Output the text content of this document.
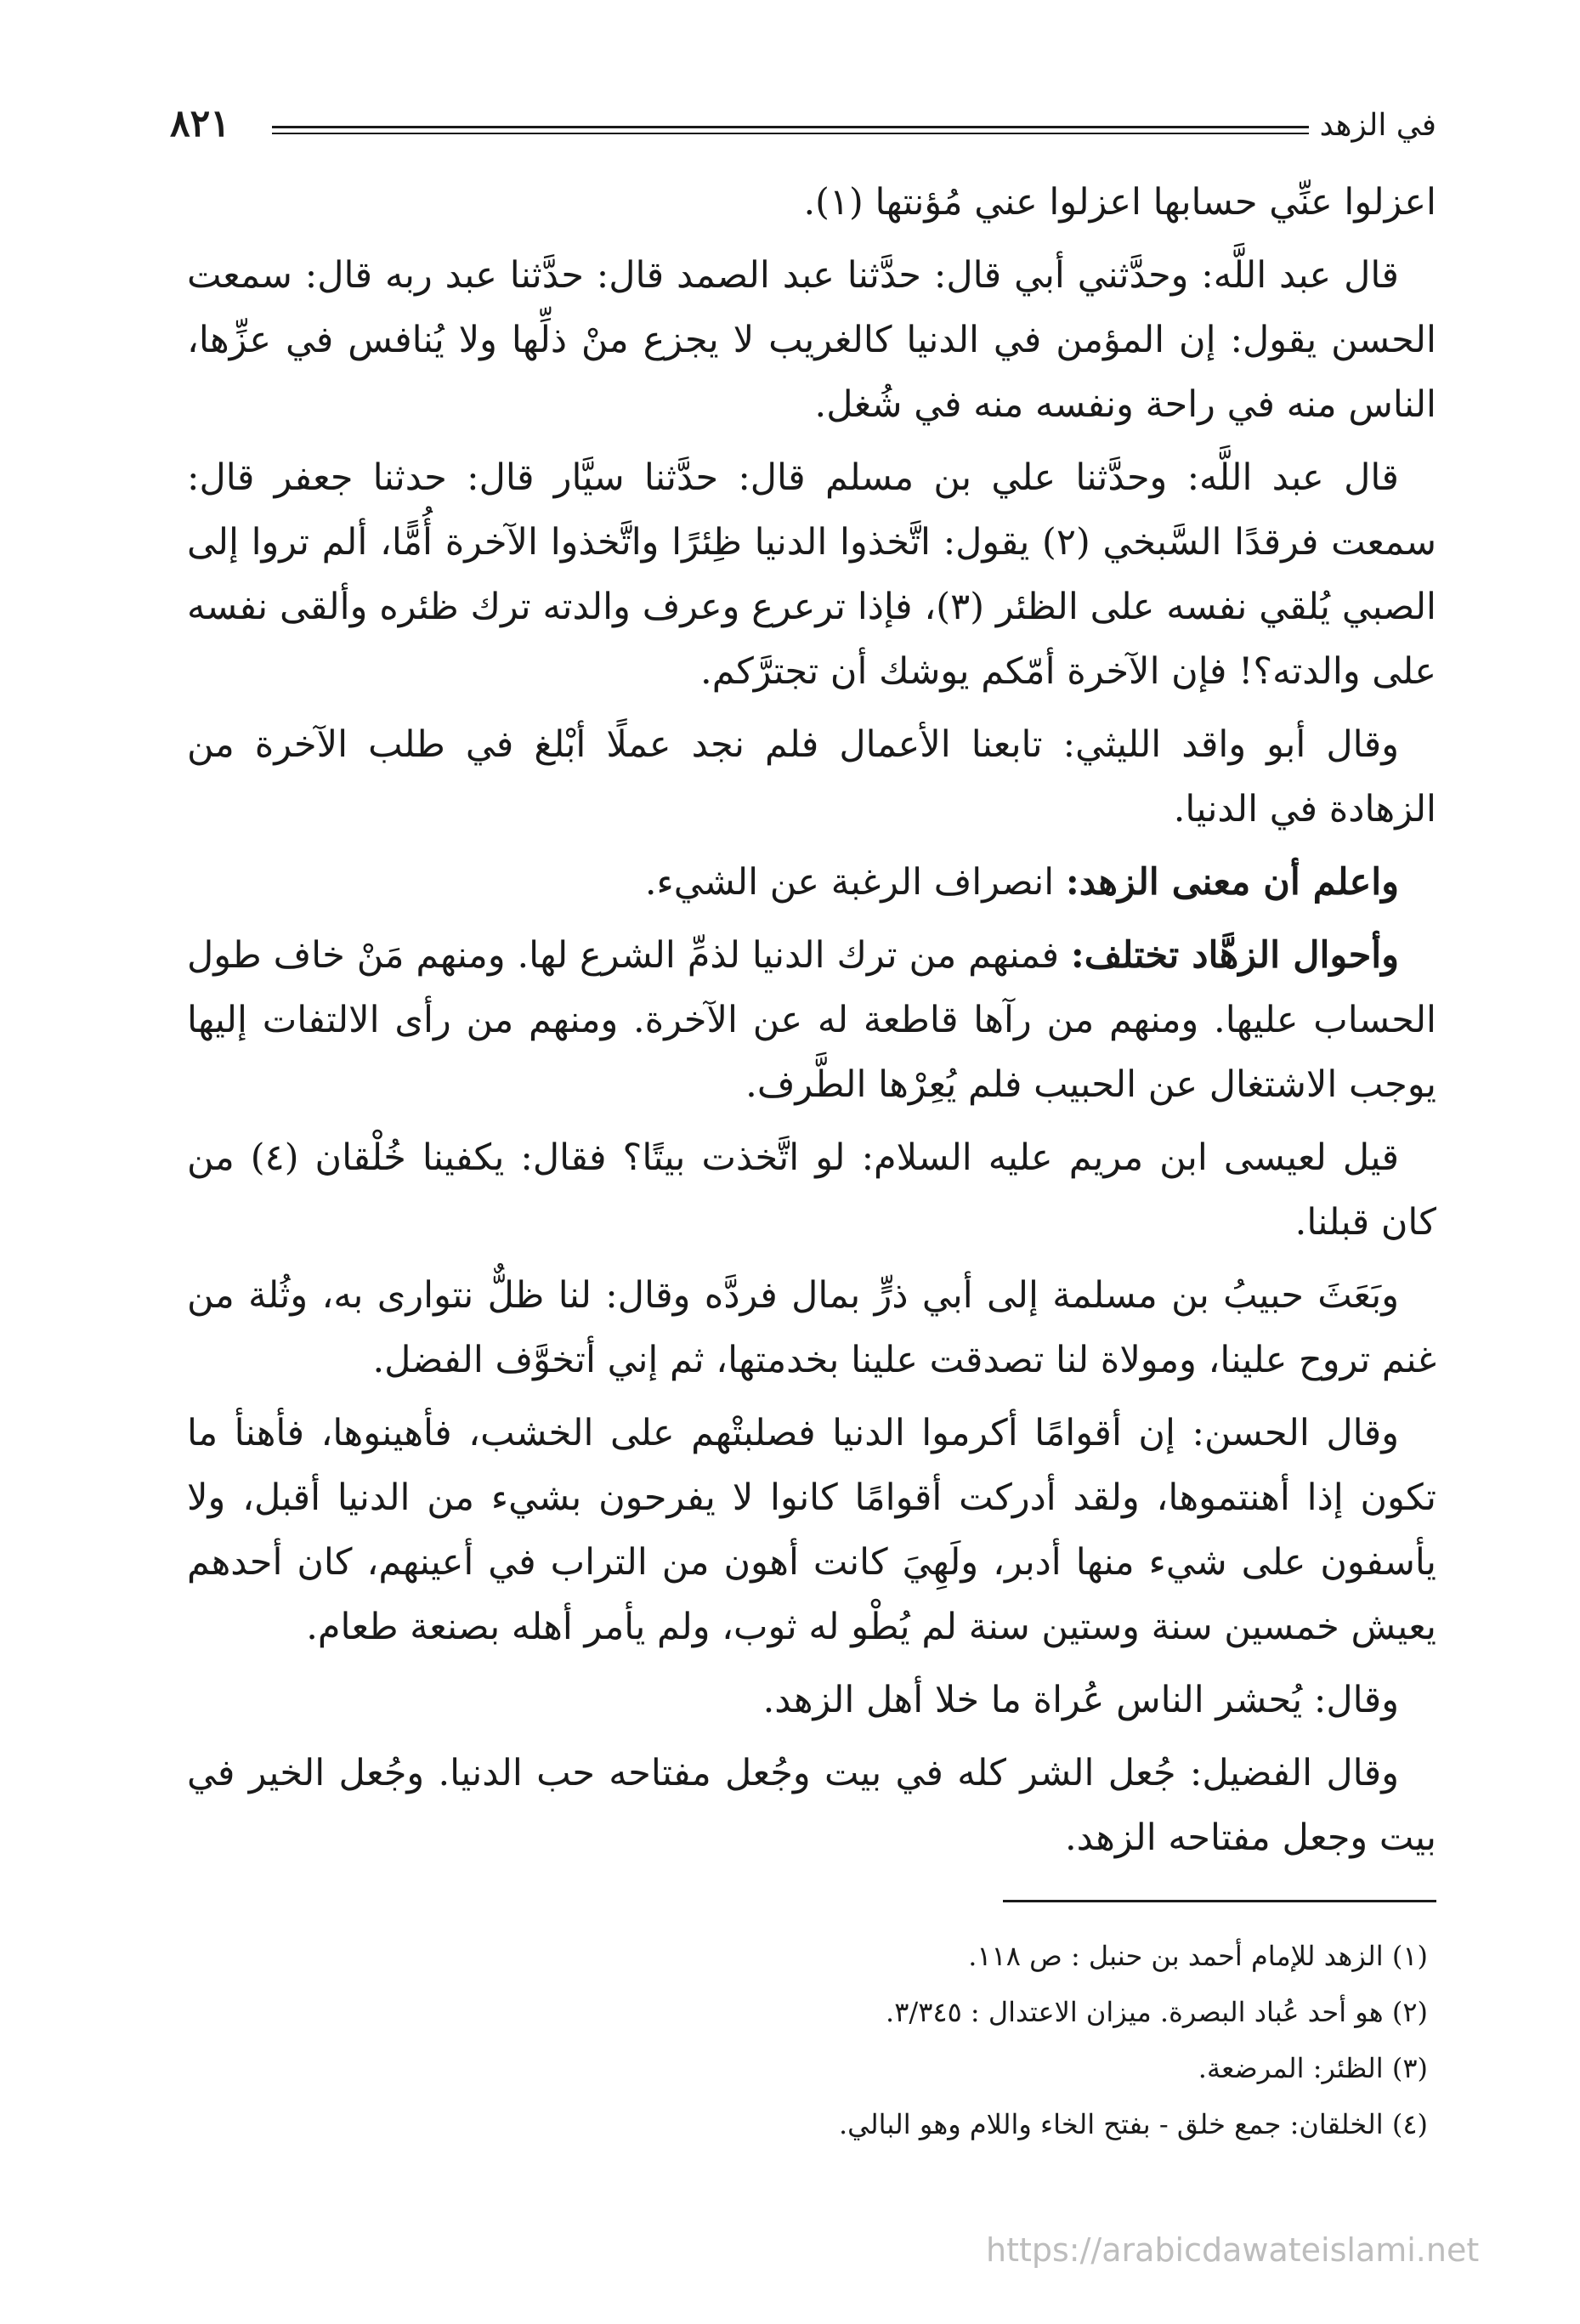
في الزهد
٨٢١

اعزلوا عنِّي حسابها اعزلوا عني مُؤنتها (١).

قال عبد اللَّه: وحدَّثني أبي قال: حدَّثنا عبد الصمد قال: حدَّثنا عبد ربه قال: سمعت الحسن يقول: إن المؤمن في الدنيا كالغريب لا يجزع منْ ذلِّها ولا يُنافس في عزِّها، الناس منه في راحة ونفسه منه في شُغل.

قال عبد اللَّه: وحدَّثنا علي بن مسلم قال: حدَّثنا سيَّار قال: حدثنا جعفر قال: سمعت فرقدًا السَّبخي (٢) يقول: اتَّخذوا الدنيا ظِئرًا واتَّخذوا الآخرة أُمًّا، ألم تروا إلى الصبي يُلقي نفسه على الظئر (٣)، فإذا ترعرع وعرف والدته ترك ظئره وألقى نفسه على والدته؟! فإن الآخرة أمّكم يوشك أن تجترَّكم.

وقال أبو واقد الليثي: تابعنا الأعمال فلم نجد عملًا أبْلغ في طلب الآخرة من الزهادة في الدنيا.

واعلم أن معنى الزهد: انصراف الرغبة عن الشيء.

وأحوال الزهَّاد تختلف: فمنهم من ترك الدنيا لذمِّ الشرع لها. ومنهم مَنْ خاف طول الحساب عليها. ومنهم من رآها قاطعة له عن الآخرة. ومنهم من رأى الالتفات إليها يوجب الاشتغال عن الحبيب فلم يُعِرْها الطَّرف.

قيل لعيسى ابن مريم عليه السلام: لو اتَّخذت بيتًا؟ فقال: يكفينا خُلْقان (٤) من كان قبلنا.

وبَعَثَ حبيبُ بن مسلمة إلى أبي ذرٍّ بمال فردَّه وقال: لنا ظلٌّ نتوارى به، وثُلة من غنم تروح علينا، ومولاة لنا تصدقت علينا بخدمتها، ثم إني أتخوَّف الفضل.

وقال الحسن: إن أقوامًا أكرموا الدنيا فصلبتْهم على الخشب، فأهينوها، فأهنأ ما تكون إذا أهنتموها، ولقد أدركت أقوامًا كانوا لا يفرحون بشيء من الدنيا أقبل، ولا يأسفون على شيء منها أدبر، ولَهِيَ كانت أهون من التراب في أعينهم، كان أحدهم يعيش خمسين سنة وستين سنة لم يُطْو له ثوب، ولم يأمر أهله بصنعة طعام.

وقال: يُحشر الناس عُراة ما خلا أهل الزهد.

وقال الفضيل: جُعل الشر كله في بيت وجُعل مفتاحه حب الدنيا. وجُعل الخير في بيت وجعل مفتاحه الزهد.

(١) الزهد للإمام أحمد بن حنبل : ص ١١٨.
(٢) هو أحد عُباد البصرة. ميزان الاعتدال : ٣/٣٤٥.
(٣) الظئر: المرضعة.
(٤) الخلقان: جمع خلق - بفتح الخاء واللام وهو البالي.
https://arabicdawateislami.net
